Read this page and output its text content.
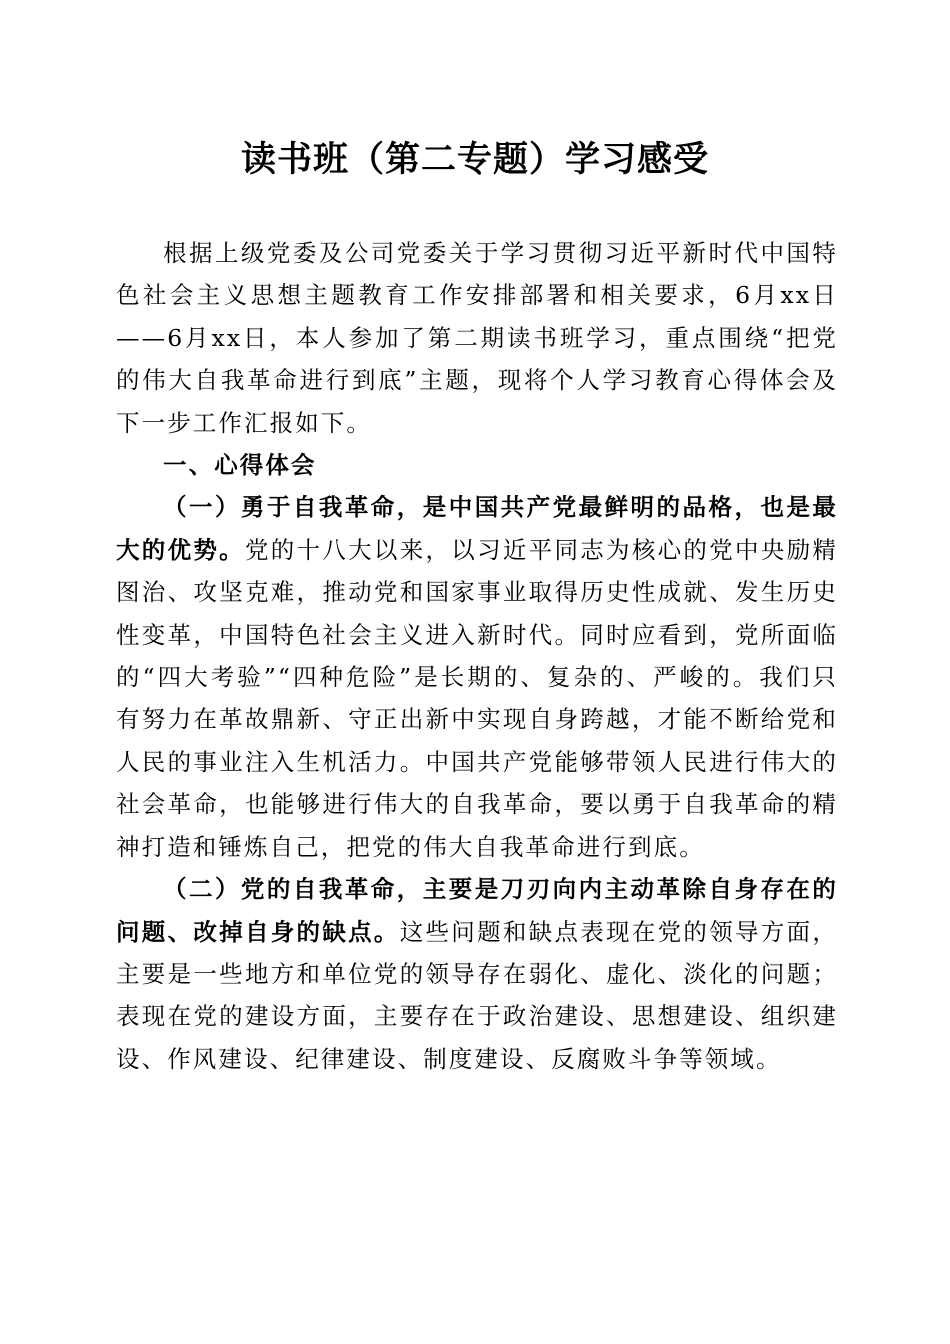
读书班（第二专题）学习感受

根据上级党委及公司党委关于学习贯彻习近平新时代中国特色社会主义思想主题教育工作安排部署和相关要求，6月xx日——6月xx日，本人参加了第二期读书班学习，重点围绕“把党的伟大自我革命进行到底”主题，现将个人学习教育心得体会及下一步工作汇报如下。

一、心得体会

（一）勇于自我革命，是中国共产党最鲜明的品格，也是最大的优势。党的十八大以来，以习近平同志为核心的党中央励精图治、攻坚克难，推动党和国家事业取得历史性成就、发生历史性变革，中国特色社会主义进入新时代。同时应看到，党所面临的“四大考验”“四种危险”是长期的、复杂的、严峻的。我们只有努力在革故鼎新、守正出新中实现自身跨越，才能不断给党和人民的事业注入生机活力。中国共产党能够带领人民进行伟大的社会革命，也能够进行伟大的自我革命，要以勇于自我革命的精神打造和锤炼自己，把党的伟大自我革命进行到底。

（二）党的自我革命，主要是刀刃向内主动革除自身存在的问题、改掉自身的缺点。这些问题和缺点表现在党的领导方面，主要是一些地方和单位党的领导存在弱化、虚化、淡化的问题；表现在党的建设方面，主要存在于政治建设、思想建设、组织建设、作风建设、纪律建设、制度建设、反腐败斗争等领域。
